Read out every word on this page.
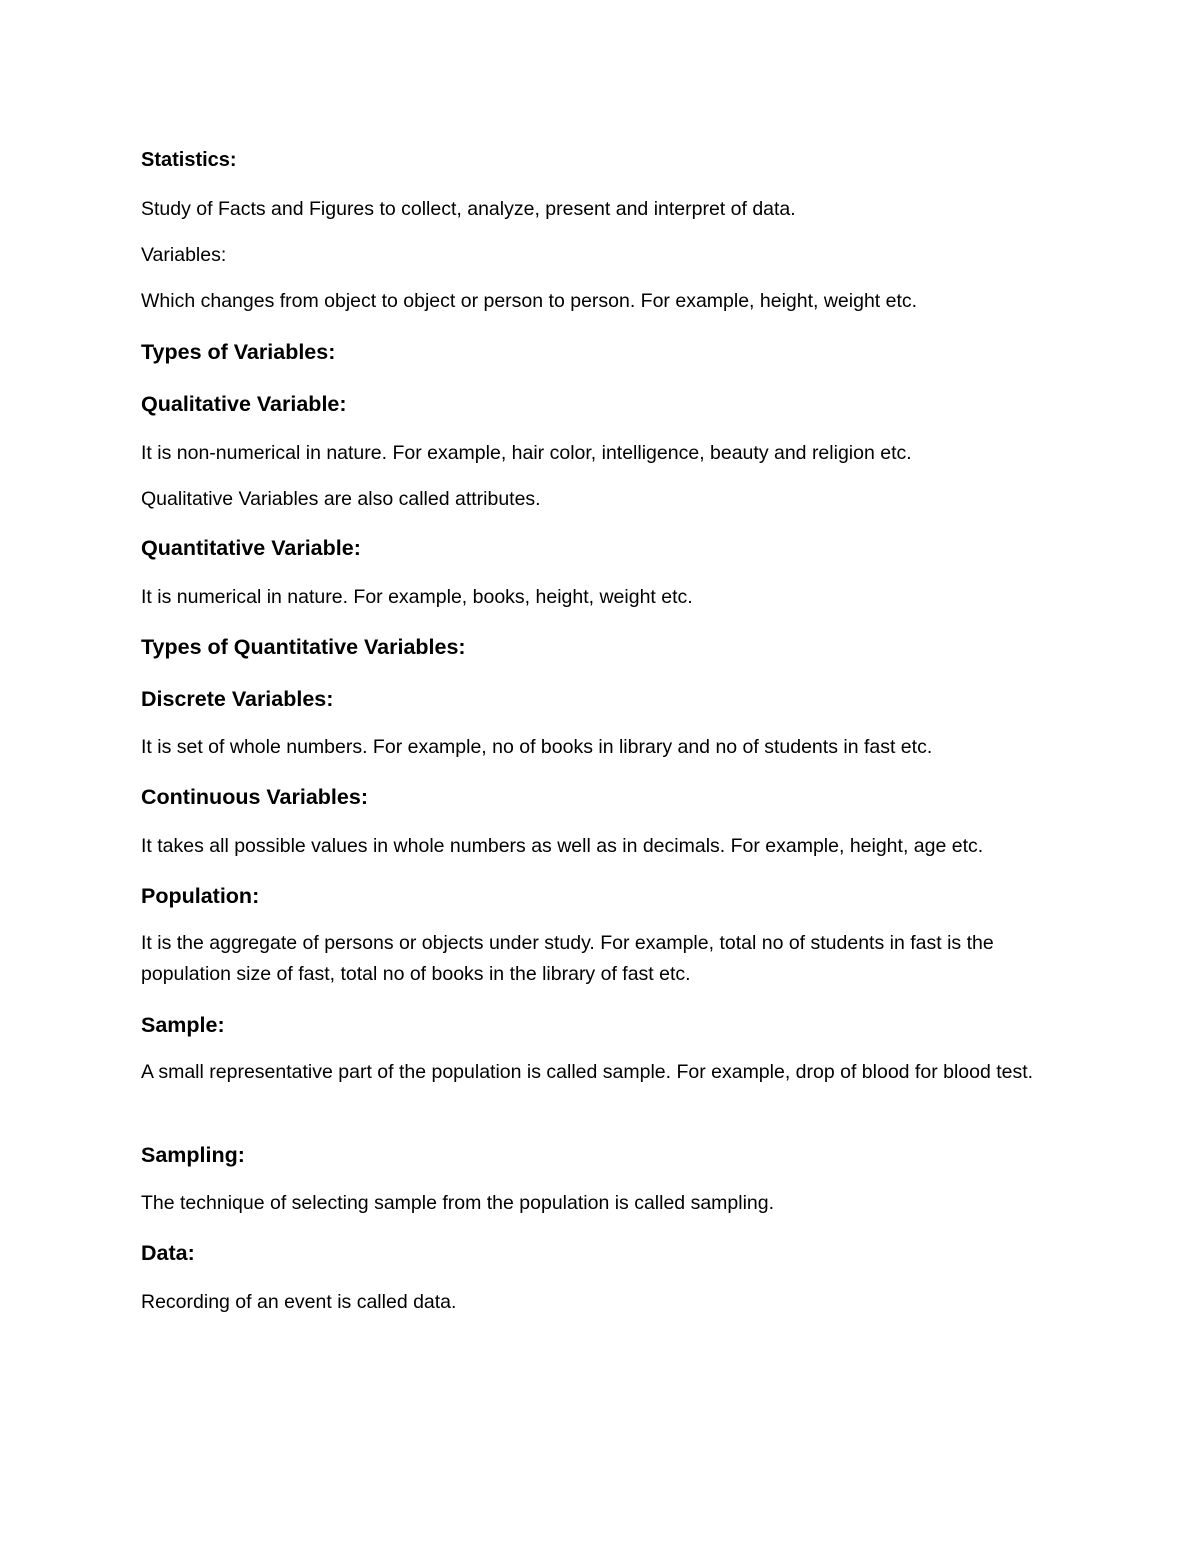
Statistics:

Study of Facts and Figures to collect, analyze, present and interpret of data.

Variables:

Which changes from object to object or person to person. For example, height, weight etc.

Types of Variables:

Qualitative Variable:

It is non-numerical in nature. For example, hair color, intelligence, beauty and religion etc.

Qualitative Variables are also called attributes.

Quantitative Variable:

It is numerical in nature. For example, books, height, weight etc.

Types of Quantitative Variables:

Discrete Variables:

It is set of whole numbers. For example, no of books in library and no of students in fast etc.

Continuous Variables:

It takes all possible values in whole numbers as well as in decimals. For example, height, age etc.

Population:

It is the aggregate of persons or objects under study. For example, total no of students in fast is the population size of fast, total no of books in the library of fast etc.

Sample:

A small representative part of the population is called sample. For example, drop of blood for blood test.

Sampling:

The technique of selecting sample from the population is called sampling.

Data:

Recording of an event is called data.
